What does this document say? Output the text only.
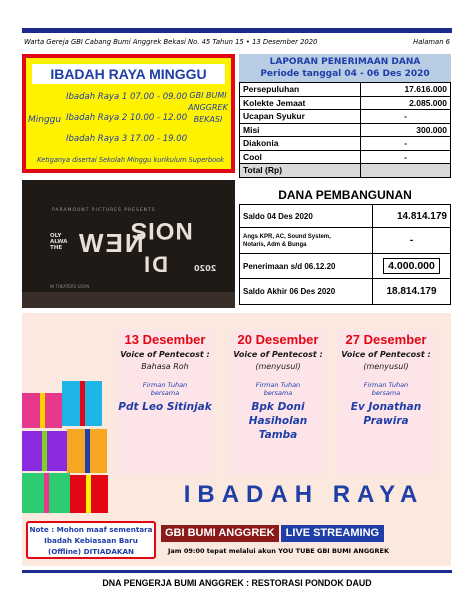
Warta Gereja GBI Cabang Bumi Anggrek Bekasi No. 45 Tahun 15 • 13 Desember 2020	Halaman 6
IBADAH RAYA MINGGU
Minggu
Ibadah Raya 1 07.00 - 09.00
Ibadah Raya 2 10.00 - 12.00
Ibadah Raya 3 17.00 - 19.00
GBI BUMI
ANGGREK
BEKASI
Ketiganya disertai Sekolah Minggu kurikulum Superbook
LAPORAN PENERIMAAN DANA
Periode tanggal 04 - 06 Des 2020
Persepuluhan	17.616.000
Kolekte Jemaat	2.085.000
Ucapan Syukur	-
Misi	300.000
Diakonia	-
Cool	-
Total (Rp)	
PARAMOUNT PICTURES PRESENTS
OLY
ALWA
THE
NOIS
NEW
DI	2020
IN THEATERS SOON
DANA PEMBANGUNAN
Saldo 04 Des 2020	14.814.179

Angs KPR, AC, Sound System,
Notaris, Adm & Bunga	-
Penerimaan s/d 06.12.20	4.000.000
Saldo Akhir 06 Des 2020	18.814.179
13 Desember
Voice of Pentecost :
Bahasa Roh
Firman Tuhan
bersama
Pdt Leo Sitinjak
20 Desember
Voice of Pentecost :
(menyusul)
Firman Tuhan
bersama
Bpk Doni
Hasiholan
Tamba
27 Desember
Voice of Pentecost :
(menyusul)
Firman Tuhan
bersama
Ev Jonathan
Prawira
IBADAH RAYA
GBI BUMI ANGGREK LIVE STREAMING
Jam 09:00 tepat melalui akun YOU TUBE GBI BUMI ANGGREK
Note : Mohon maaf sementara
Ibadah Kebiasaan Baru
(Offline) DITIADAKAN
DNA PENGERJA BUMI ANGGREK : RESTORASI PONDOK DAUD
